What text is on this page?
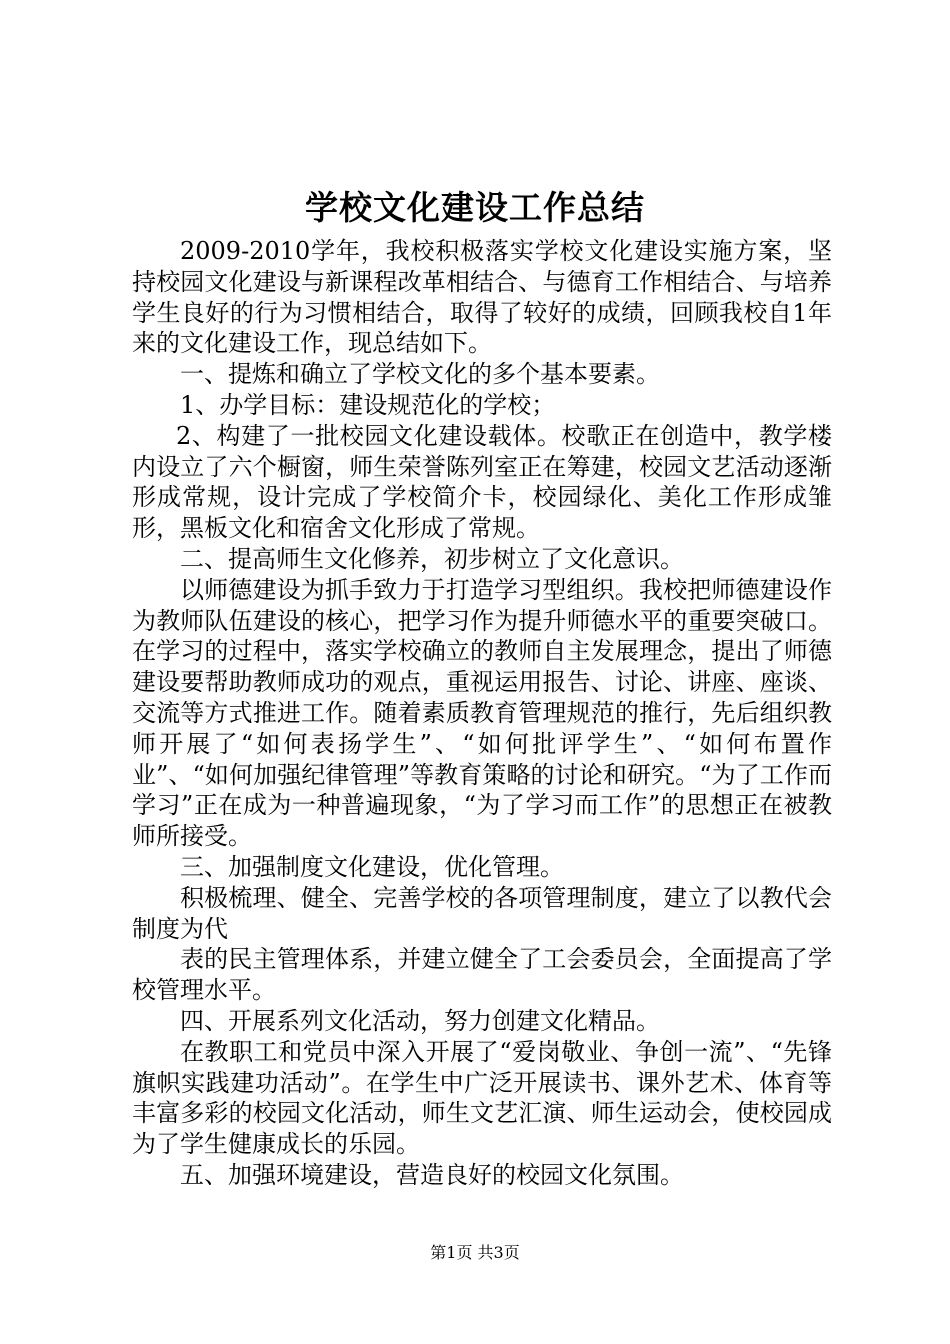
学校文化建设工作总结

2009-2010学年，我校积极落实学校文化建设实施方案，坚持校园文化建设与新课程改革相结合、与德育工作相结合、与培养学生良好的行为习惯相结合，取得了较好的成绩，回顾我校自1年来的文化建设工作，现总结如下。

一、提炼和确立了学校文化的多个基本要素。

1、办学目标：建设规范化的学校；

2、构建了一批校园文化建设载体。校歌正在创造中，教学楼内设立了六个橱窗，师生荣誉陈列室正在筹建，校园文艺活动逐渐形成常规，设计完成了学校简介卡，校园绿化、美化工作形成雏形，黑板文化和宿舍文化形成了常规。

二、提高师生文化修养，初步树立了文化意识。

以师德建设为抓手致力于打造学习型组织。我校把师德建设作为教师队伍建设的核心，把学习作为提升师德水平的重要突破口。在学习的过程中，落实学校确立的教师自主发展理念，提出了师德建设要帮助教师成功的观点，重视运用报告、讨论、讲座、座谈、交流等方式推进工作。随着素质教育管理规范的推行，先后组织教师开展了“如何表扬学生”、“如何批评学生”、“如何布置作业”、“如何加强纪律管理”等教育策略的讨论和研究。“为了工作而学习”正在成为一种普遍现象，“为了学习而工作”的思想正在被教师所接受。

三、加强制度文化建设，优化管理。

积极梳理、健全、完善学校的各项管理制度，建立了以教代会制度为代

表的民主管理体系，并建立健全了工会委员会，全面提高了学校管理水平。

四、开展系列文化活动，努力创建文化精品。

在教职工和党员中深入开展了“爱岗敬业、争创一流”、“先锋旗帜实践建功活动”。在学生中广泛开展读书、课外艺术、体育等丰富多彩的校园文化活动，师生文艺汇演、师生运动会，使校园成为了学生健康成长的乐园。

五、加强环境建设，营造良好的校园文化氛围。

第1页 共3页
